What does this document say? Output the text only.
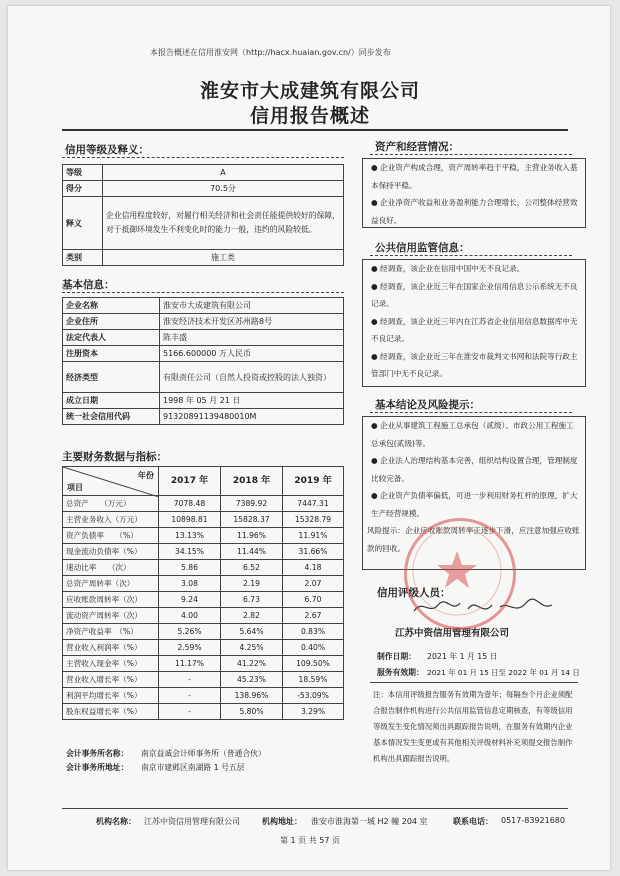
本报告概述在信用淮安网（http://hacx.huaian.gov.cn/）同步发布
淮安市大成建筑有限公司
信用报告概述
信用等级及释义：
等级	A
得分	70.5分
释义	企业信用程度较好，对履行相关经济和社会责任能提供较好的保障，对于抵御环境发生不利变化时的能力一般，违约的风险较低。
类别	施工类
基本信息：
企业名称	淮安市大成建筑有限公司
企业住所	淮安经济技术开发区苏州路8号
法定代表人	陈丰盛
注册资本	5166.600000 万人民币
经济类型	有限责任公司（自然人投资或控股的法人独资）
成立日期	1998 年 05 月 21 日
统一社会信用代码	91320891139480010M
主要财务数据与指标：
年份
项目	2017 年	2018 年	2019 年
总资产　　（万元）	7078.48	7389.92	7447.31
主营业务收入（万元）	10898.81	15828.37	15328.79
资产负债率　　（%）	13.13%	11.96%	11.91%
现金流动负债率（%）	34.15%	11.44%	31.66%
速动比率　　（次）	5.86	6.52	4.18
总资产周转率（次）	3.08	2.19	2.07
应收账款周转率（次）	9.24	6.73	6.70
流动资产周转率（次）	4.00	2.82	2.67
净资产收益率　（%）	5.26%	5.64%	0.83%
营业收入利润率（%）	2.59%	4.25%	0.40%
主营收入现金率（%）	11.17%	41.22%	109.50%
营业收入增长率（%）	-	45.23%	18.59%
利润平均增长率（%）	-	138.96%	-53.09%
股东权益增长率（%）	-	5.80%	3.29%
会计事务所名称： 南京益诚会计师事务所（普通合伙）
会计事务所地址： 南京市建邺区南湖路 1 号五层
资产和经营情况：

● 企业资产构成合理，资产周转率趋于平稳，主营业务收入基本保持平稳。

● 企业净资产收益和业务盈利能力合理增长，公司整体经营效益良好。

公共信用监管信息：

● 经调查，该企业在信用中国中无不良记录。

● 经调查，该企业近三年在国家企业信用信息公示系统无不良记录。

● 经调查，该企业近三年内在江苏省企业信用信息数据库中无不良记录。

● 经调查，该企业近三年在淮安市裁判文书网和法院等行政主管部门中无不良记录。

基本结论及风险提示：

● 企业从事建筑工程施工总承包（贰级）、市政公用工程施工总承包(贰级)等。

● 企业法人治理结构基本完善，组织结构设置合理，管理制度比较完备。

● 企业资产负债率偏低，可进一步利用财务杠杆的原理，扩大生产经营规模。

风险提示：企业应收账款周转率正逐步下滑，应注意加强应收账款的回收。

信用评级人员：
江苏中资信用管理有限公司
制作日期： 2021 年 1 月 15 日
服务有效期： 2021 年 01 月 15 日至 2022 年 01 月 14 日
注：本信用评级报告服务有效期为壹年；每隔叁个月企业须配合报告制作机构进行公共信用监管信息定期核查，有等级信用等级发生变化情况须出具跟踪报告说明，在服务有效期内企业基本情况发生变更或有其他相关评级材料补充须提交报告制作机构出具跟踪报告说明。
机构名称： 江苏中资信用管理有限公司	机构地址： 淮安市淮海第一城 H2 幢 204 室	联系电话： 0517-83921680
第 1 页 共 57 页
